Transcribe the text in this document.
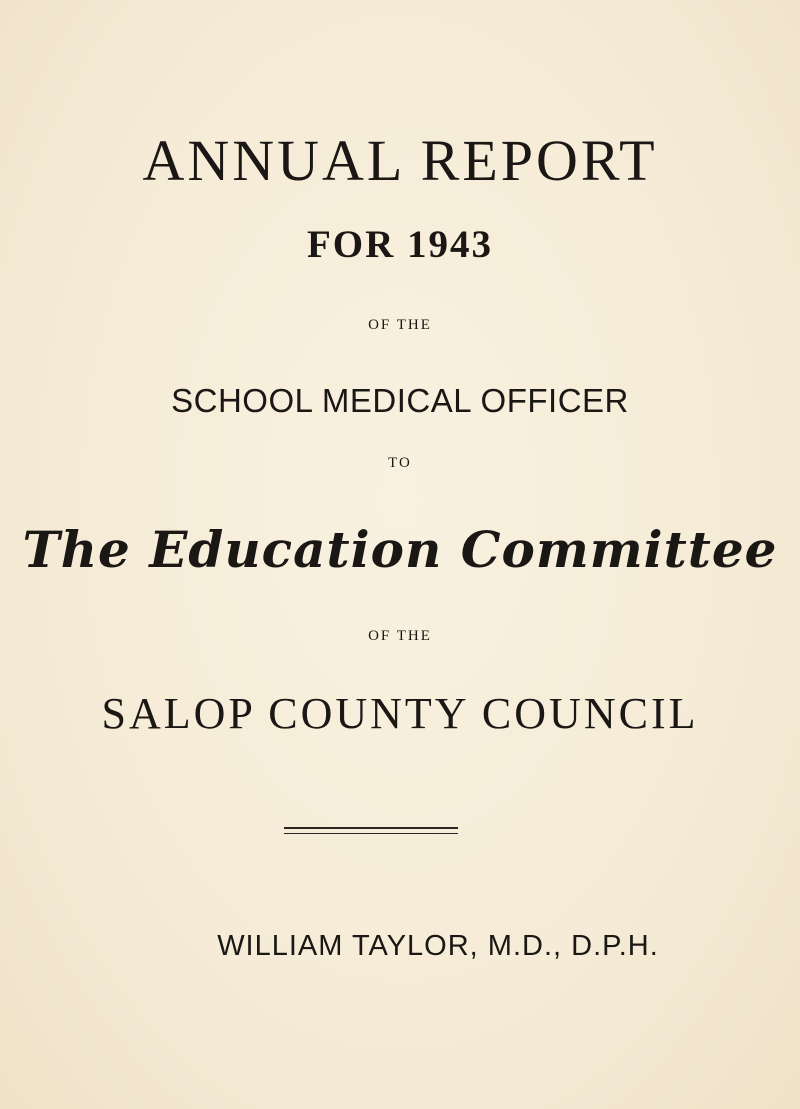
ANNUAL REPORT
FOR 1943
OF THE
SCHOOL MEDICAL OFFICER
TO
The Education Committee
OF THE
SALOP COUNTY COUNCIL
WILLIAM TAYLOR, M.D., D.P.H.
